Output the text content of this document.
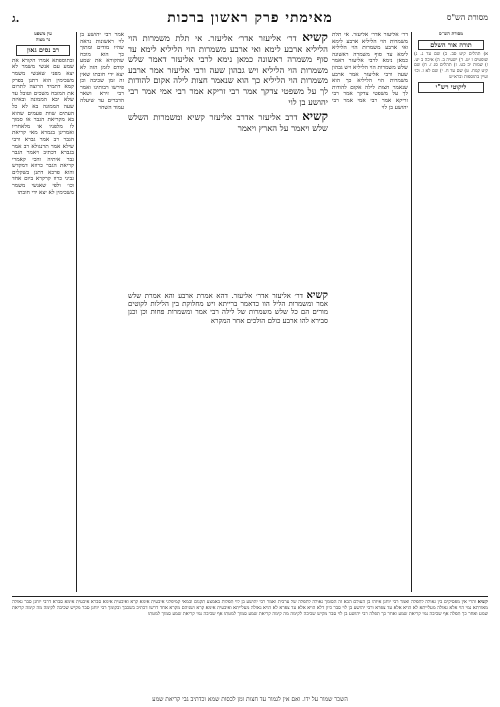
ג.	מאימתי פרק ראשון ברכות	מסורת הש"ס
עין משפט
נר מצוה
רב נסים גאון
ובתוספתא אמרו הקורא את שמע עם אנשי משמר לא יצא מפני שאנשי משמר משכימין הוא דתנן בפרק קמא דתמיד הרוצה לתרום את המזבח משכים וטובל עד שלא יבא הממונה ובאיזה שעה הממונה בא לא כל העתים שוות פעמים שהוא בא מקריאת הגבר או סמוך לו מלפניו או מלאחריו ואמרינן בגמרא מאי קריאת הגבר רב אמר גברא ורבי שילא אמר תרנגולא רב אמר בגברא דכתיב ויאמר הגבר גבר איתיה והכי קאמרי קריאת הגבר כרוזא דמקדש והוא פרכא דתנן בשקלים גביני כרוז קרקרא ביום אחד וכו׳ ולפי שאנשי משמר משכימין לא יצא ידי חובתו
אמר רבי יהושע בן לוי ראשונות נראה שהיו מודים ומתוך כך הוא מוכח שהקורא את שמע קודם לזמן הזה לא יצא ידי חובתו שאין זה זמן שכיבה וכן פירשו רבותינו ואמר רבי זירא ושאר הדברים עד שיעלה עמוד השחר
קשיא דר׳ אליעזר אדר׳ אליעזר. אי תלת משמרות הוי הליליא ארבע לימא ואי ארבע משמרות הוי הליליא לימא עד סוף משמרה ראשונה כמאן נימא לרבי אליעזר דאמר שלש משמרות הוי הליליא ויש גבהון שעה ורבי אליעזר אמר ארבע משמרות הוי הליליא כך הוא שנאמר חצות לילה אקום להודות לך על משפטי צדקך אמר רבי זריקא אמר רבי אמי אמר רבי יהושע בן לוי
קשיא דרב אליעזר אדרב אליעזר קשיא ומשמרות השלש שלש ויאמר על הארץ ויאמר
קשיא דר׳ אליעזר אדר׳ אליעזר. דהא אמרת ארבע והא אמרת שלש אמר ומשמרות הליל הוו כדאמר ברייתא ויש מחלוקת בין הלילות לקוטים מורים הם כל שלש משמרות של לילה רבי אמר ומשמרות פחות וכן וכנן סבירא להו ארבע כולם הולכים אחר המקרא
דר׳ אליעזר אדר׳ אליעזר. אי תלת משמרות הוי הליליא ארבע לימא ואי ארבע משמרות הוי הליליא לימא עד סוף משמרה ראשונה כמאן נימא לרבי אליעזר דאמר שלש משמרות הוי הליליא ויש גבהון שעה ורבי אליעזר אמר ארבע משמרות הוי הליליא כך הוא שנאמר חצות לילה אקום להודות לך על משפטי צדקך אמר רבי זריקא אמר רבי אמי אמר רבי יהושע בן לוי
מסורת הש"ס
תורה אור השלם
א) תהלים קיט סב. ב) שם עד ג. ג) שופטים ז יט. ד) ישעיה ב. ה) איכה ב יט. ו) שמות יב כט. ז) תהלים סג ז. ח) שם קיט קמח. ט) שם עד ח. י) שם לא ו. וכו׳ ועיין בתוספות וברא״ש
ליקוטי רש"י
קשיא והרי אין מפסיקים בין גאולה לתפלה ואמר רבי יוחנן איזהו בן העולם הבא זה הסומך גאולה לתפלה של ערבית ואמר רבי יהושע בן לוי תפלות באמצע תקנום ובמאי קמיפלגי איבעית אימא קרא ואיבעית אימא סברא איבעית אימא סברא דרבי יוחנן סבר גאולה מאורתא נמי הוי אלא גאולה מעלייתא לא הויא אלא עד צפרא ורבי יהושע בן לוי סבר כיון דלא הויא אלא עד צפרא לא הויא גאולה מעלייתא ואיבעית אימא קרא ושניהם מקרא אחד דרשו דכתיב בשכבך ובקומך רבי יוחנן סבר מקיש שכיבה לקימה מה קימה קריאת שמע ואחר כך תפלה אף שכיבה נמי קריאת שמע ואחר כך תפלה רבי יהושע בן לוי סבר מקיש שכיבה לקימה מה קימה קריאת שמע סמוך למטתו אף שכיבה נמי קריאת שמע סמוך למטתו
השכר שמור על ידו. ואם אין לגמור עד חצות ומן לכסות שמא וכדתיב גבי קריאת שמע
